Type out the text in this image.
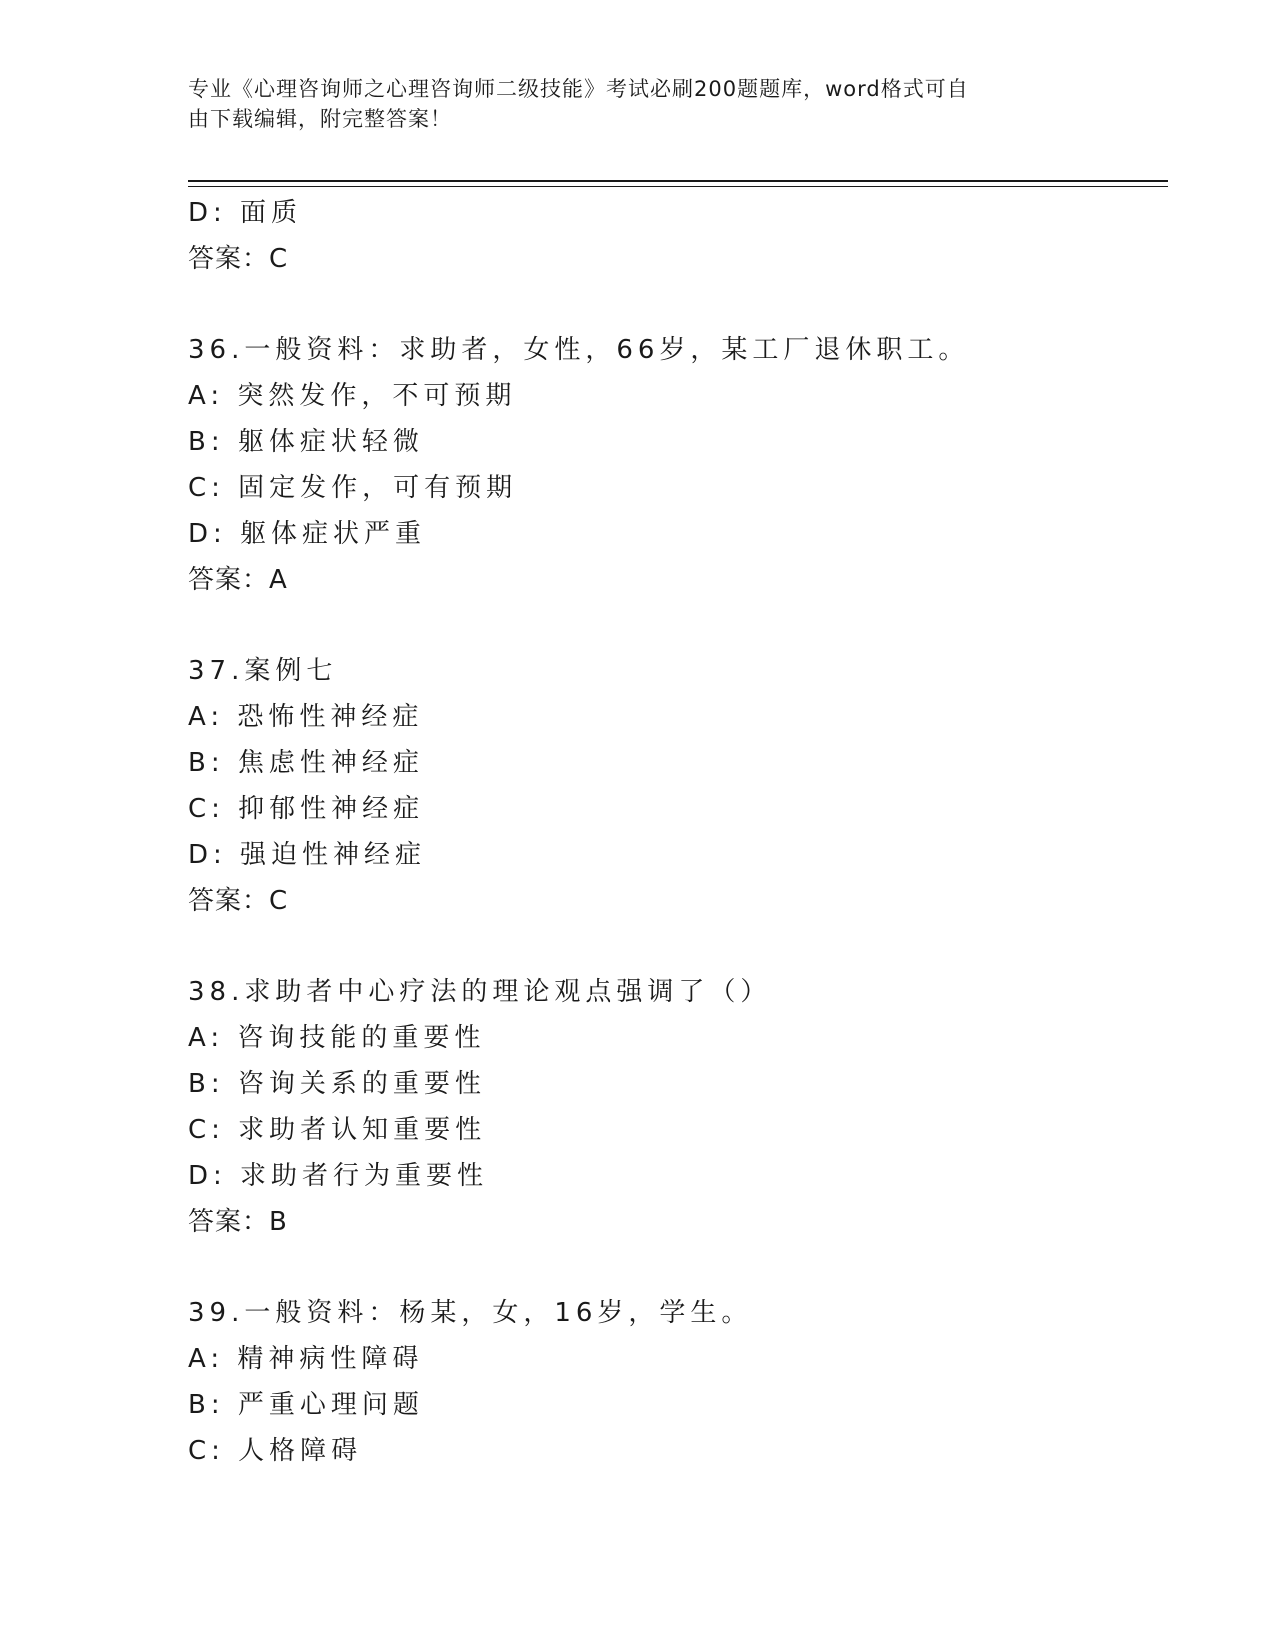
专业《心理咨询师之心理咨询师二级技能》考试必刷200题题库，word格式可自
由下载编辑，附完整答案！
D: 面质
答案：C
36.一般资料：求助者，女性，66岁，某工厂退休职工。
A: 突然发作，不可预期
B: 躯体症状轻微
C: 固定发作，可有预期
D: 躯体症状严重
答案：A
37.案例七
A: 恐怖性神经症
B: 焦虑性神经症
C: 抑郁性神经症
D: 强迫性神经症
答案：C
38.求助者中心疗法的理论观点强调了（）
A: 咨询技能的重要性
B: 咨询关系的重要性
C: 求助者认知重要性
D: 求助者行为重要性
答案：B
39.一般资料：杨某，女，16岁，学生。
A: 精神病性障碍
B: 严重心理问题
C: 人格障碍
